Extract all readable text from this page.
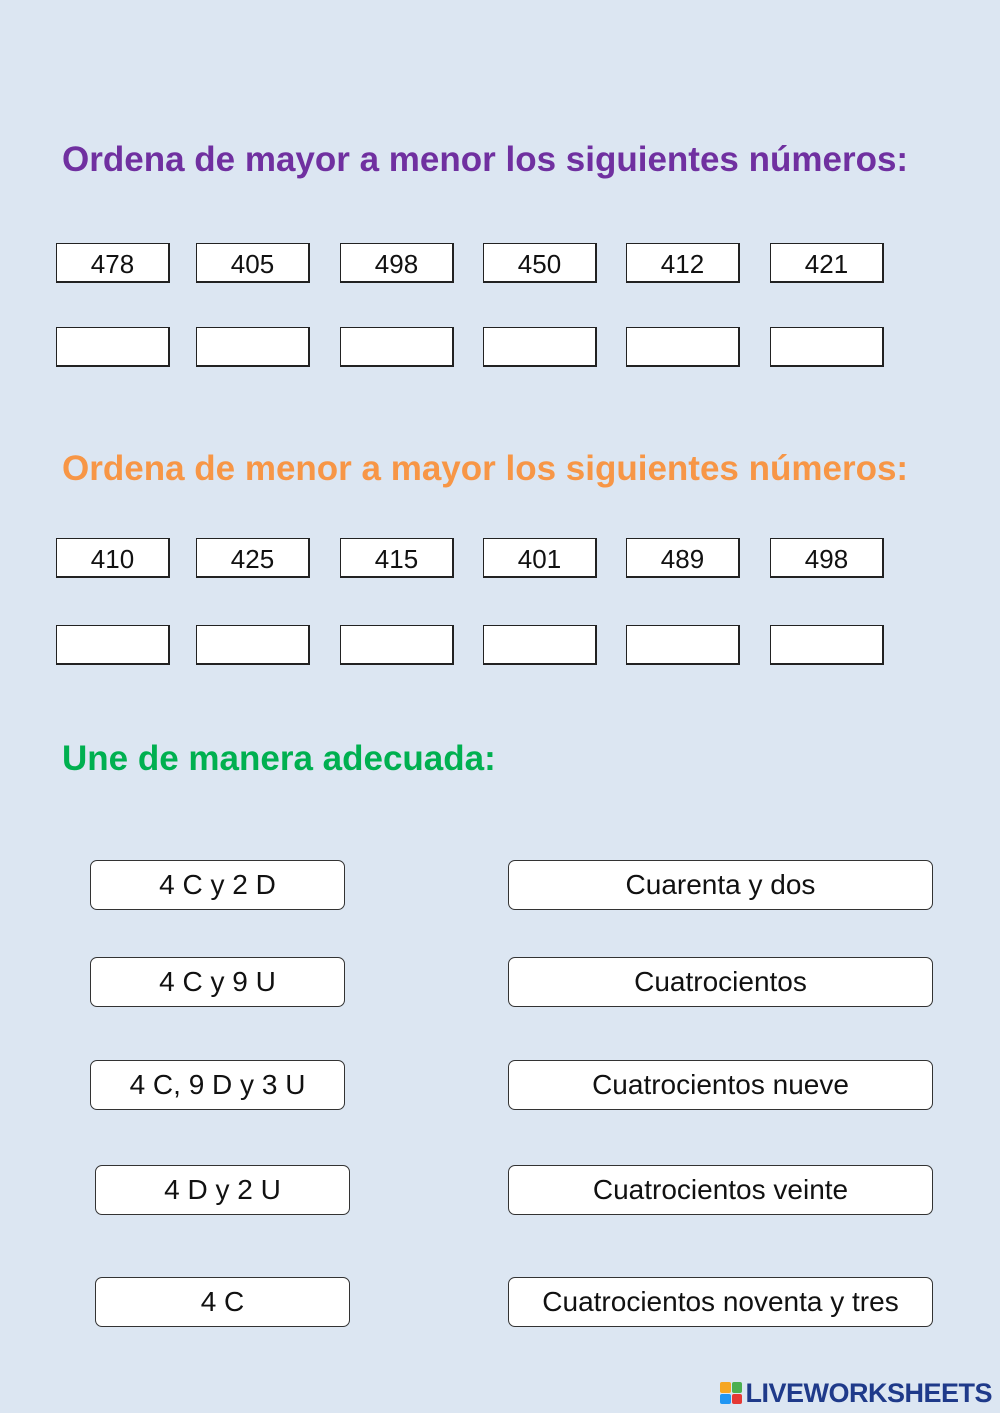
Ordena de mayor a menor los siguientes números:
478	405	498	450	412	421
Ordena de menor a mayor los siguientes números:
410	425	415	401	489	498
Une de manera adecuada:
4 C y 2 D
4 C y 9 U
4 C, 9 D y 3 U
4 D y 2 U
4 C
Cuarenta y dos
Cuatrocientos
Cuatrocientos nueve
Cuatrocientos veinte
Cuatrocientos noventa y tres
LIVEWORKSHEETS
